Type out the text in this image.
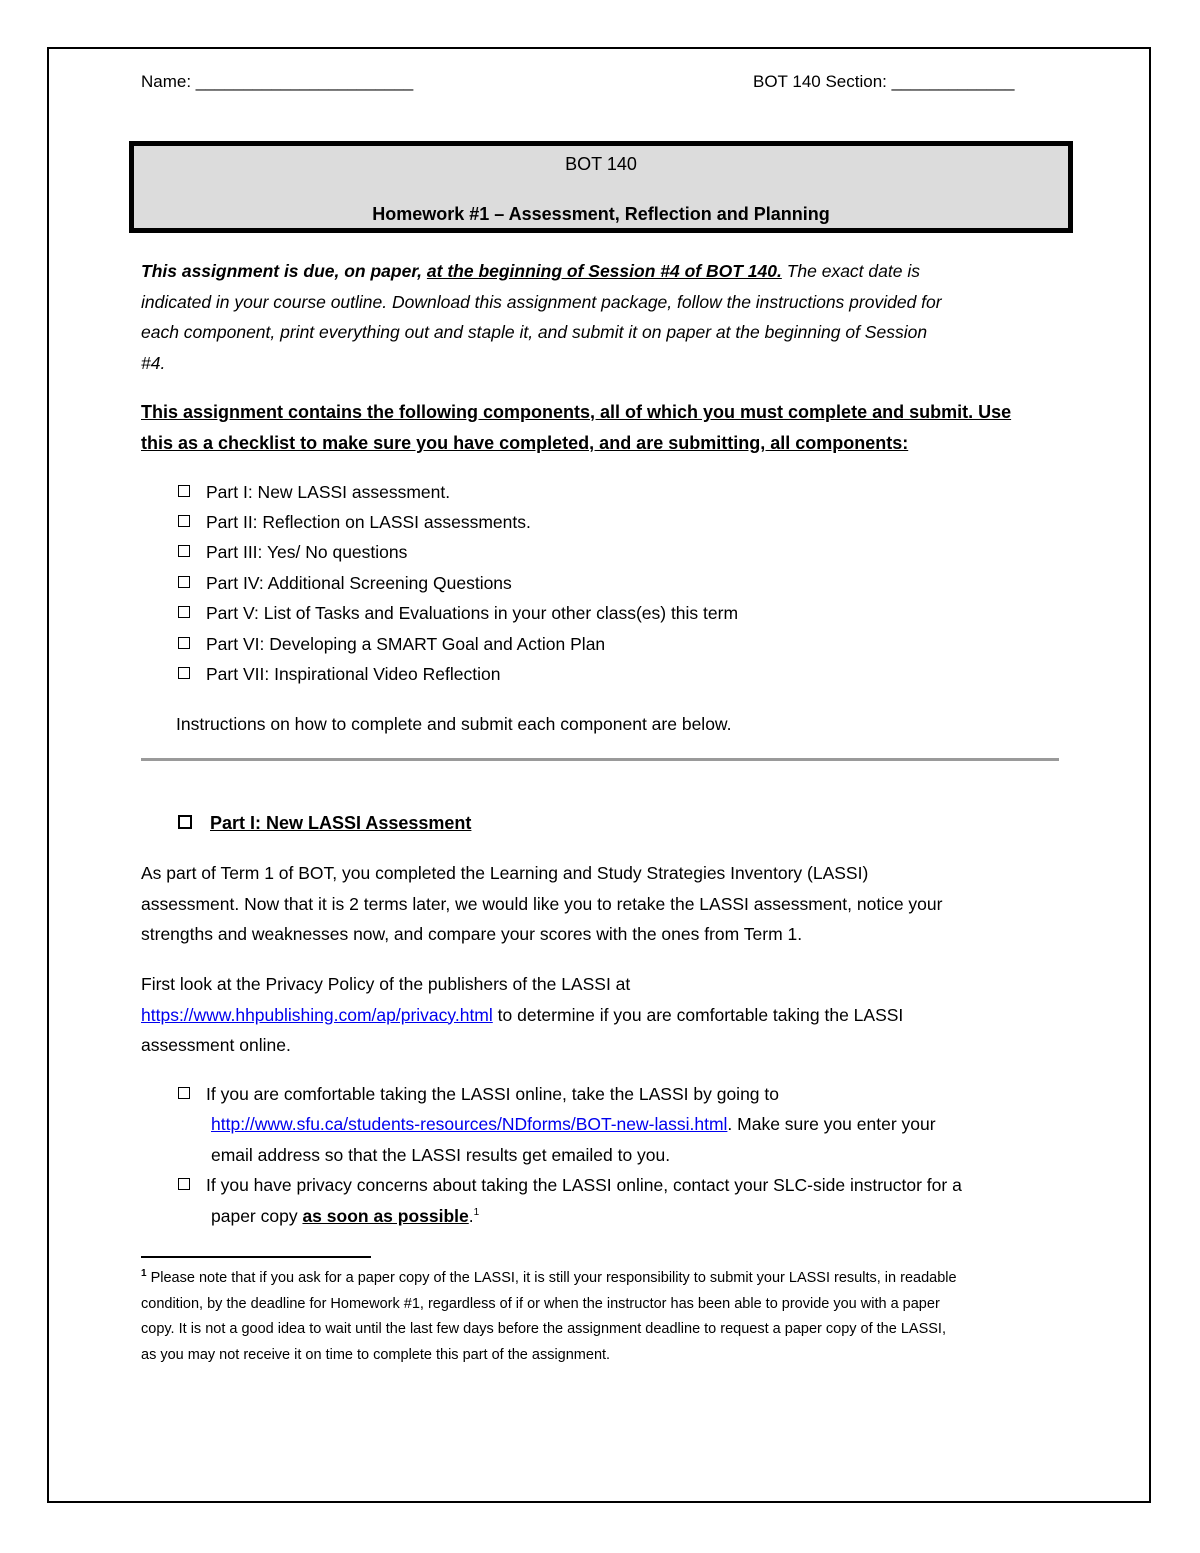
Name: _______________________	BOT 140 Section: _____________
BOT 140
Homework #1 – Assessment, Reflection and Planning
This assignment is due, on paper, at the beginning of Session #4 of BOT 140. The exact date is
indicated in your course outline. Download this assignment package, follow the instructions provided for
each component, print everything out and staple it, and submit it on paper at the beginning of Session
#4.
This assignment contains the following components, all of which you must complete and submit. Use
this as a checklist to make sure you have completed, and are submitting, all components:
Part I: New LASSI assessment.
Part II: Reflection on LASSI assessments.
Part III: Yes/ No questions
Part IV: Additional Screening Questions
Part V: List of Tasks and Evaluations in your other class(es) this term
Part VI: Developing a SMART Goal and Action Plan
Part VII: Inspirational Video Reflection
Instructions on how to complete and submit each component are below.
Part I: New LASSI Assessment
As part of Term 1 of BOT, you completed the Learning and Study Strategies Inventory (LASSI)
assessment. Now that it is 2 terms later, we would like you to retake the LASSI assessment, notice your
strengths and weaknesses now, and compare your scores with the ones from Term 1.
First look at the Privacy Policy of the publishers of the LASSI at
https://www.hhpublishing.com/ap/privacy.html to determine if you are comfortable taking the LASSI
assessment online.
If you are comfortable taking the LASSI online, take the LASSI by going to
http://www.sfu.ca/students-resources/NDforms/BOT-new-lassi.html. Make sure you enter your
email address so that the LASSI results get emailed to you.
If you have privacy concerns about taking the LASSI online, contact your SLC-side instructor for a
paper copy as soon as possible.$^1$
$^1$ Please note that if you ask for a paper copy of the LASSI, it is still your responsibility to submit your LASSI results, in readable
condition, by the deadline for Homework #1, regardless of if or when the instructor has been able to provide you with a paper
copy. It is not a good idea to wait until the last few days before the assignment deadline to request a paper copy of the LASSI,
as you may not receive it on time to complete this part of the assignment.
